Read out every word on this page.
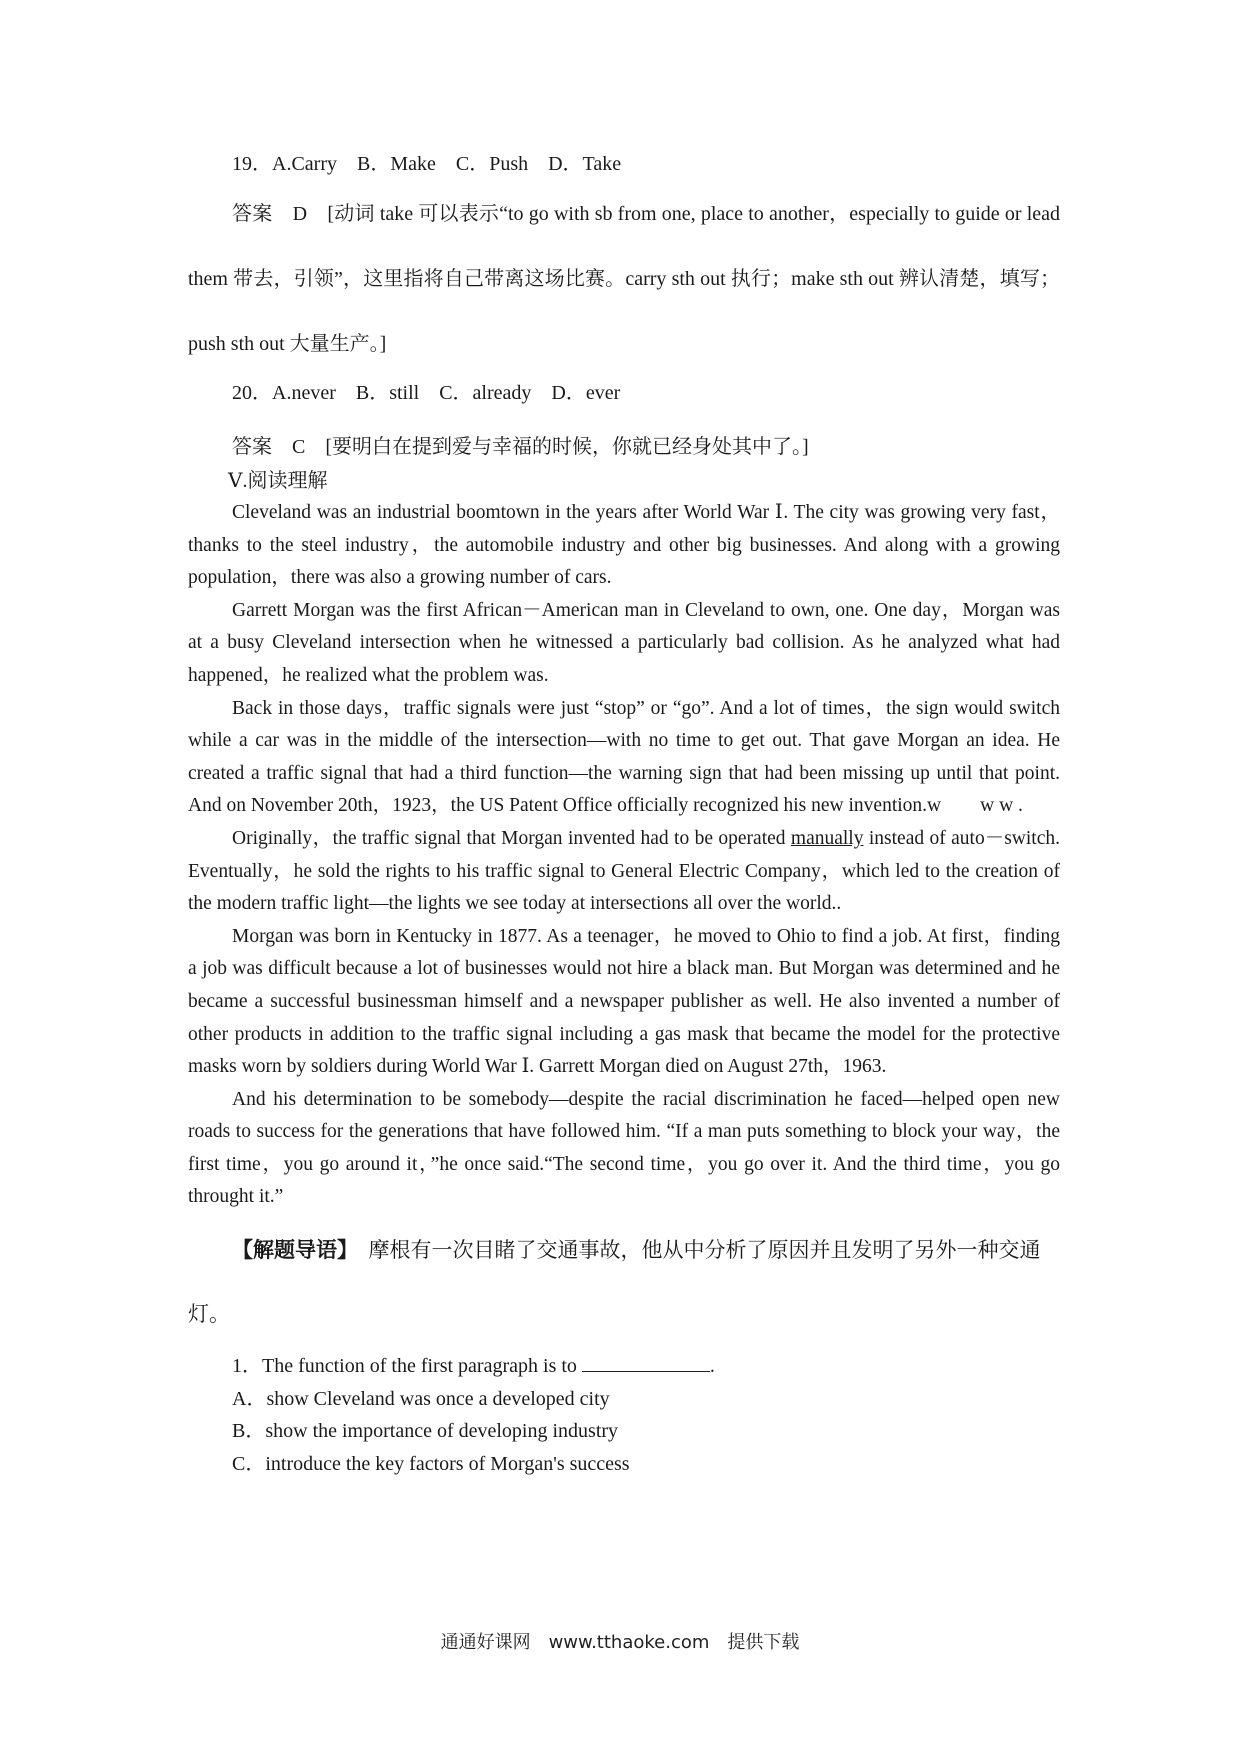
19．A.Carry　B．Make　C．Push　D．Take
答案　D　[动词 take 可以表示“to go with sb from one, place to another，especially to guide or lead them 带去，引领”，这里指将自己带离这场比赛。carry sth out 执行；make sth out 辨认清楚，填写；push sth out 大量生产。]
20．A.never　B．still　C．already　D．ever
答案　C　[要明白在提到爱与幸福的时候，你就已经身处其中了。]
Ⅴ.阅读理解

Cleveland was an industrial boomtown in the years after World War Ⅰ. The city was growing very fast，thanks to the steel industry，the automobile industry and other big businesses. And along with a growing population，there was also a growing number of cars.

Garrett Morgan was the first African－American man in Cleveland to own, one. One day，Morgan was at a busy Cleveland intersection when he witnessed a particularly bad collision. As he analyzed what had happened，he realized what the problem was.

Back in those days，traffic signals were just “stop” or “go”. And a lot of times，the sign would switch while a car was in the middle of the intersection—with no time to get out. That gave Morgan an idea. He created a traffic signal that had a third function—the warning sign that had been missing up until that point. And on November 20th，1923，the US Patent Office officially recognized his new invention.w　　w w .

Originally，the traffic signal that Morgan invented had to be operated manually instead of auto－switch. Eventually，he sold the rights to his traffic signal to General Electric Company，which led to the creation of the modern traffic light—the lights we see today at intersections all over the world..

Morgan was born in Kentucky in 1877. As a teenager，he moved to Ohio to find a job. At first，finding a job was difficult because a lot of businesses would not hire a black man. But Morgan was determined and he became a successful businessman himself and a newspaper publisher as well. He also invented a number of other products in addition to the traffic signal including a gas mask that became the model for the protective masks worn by soldiers during World War Ⅰ. Garrett Morgan died on August 27th，1963.

And his determination to be somebody—despite the racial discrimination he faced—helped open new roads to success for the generations that have followed him. “If a man puts something to block your way，the first time，you go around it，”he once said.“The second time，you go over it. And the third time，you go throught it.”

【解题导语】　 摩根有一次目睹了交通事故，他从中分析了原因并且发明了另外一种交通灯。
1．The function of the first paragraph is to	.
A．show Cleveland was once a developed city
B．show the importance of developing industry
C．introduce the key factors of Morgan's success
通通好课网　www.tthaoke.com　提供下载
